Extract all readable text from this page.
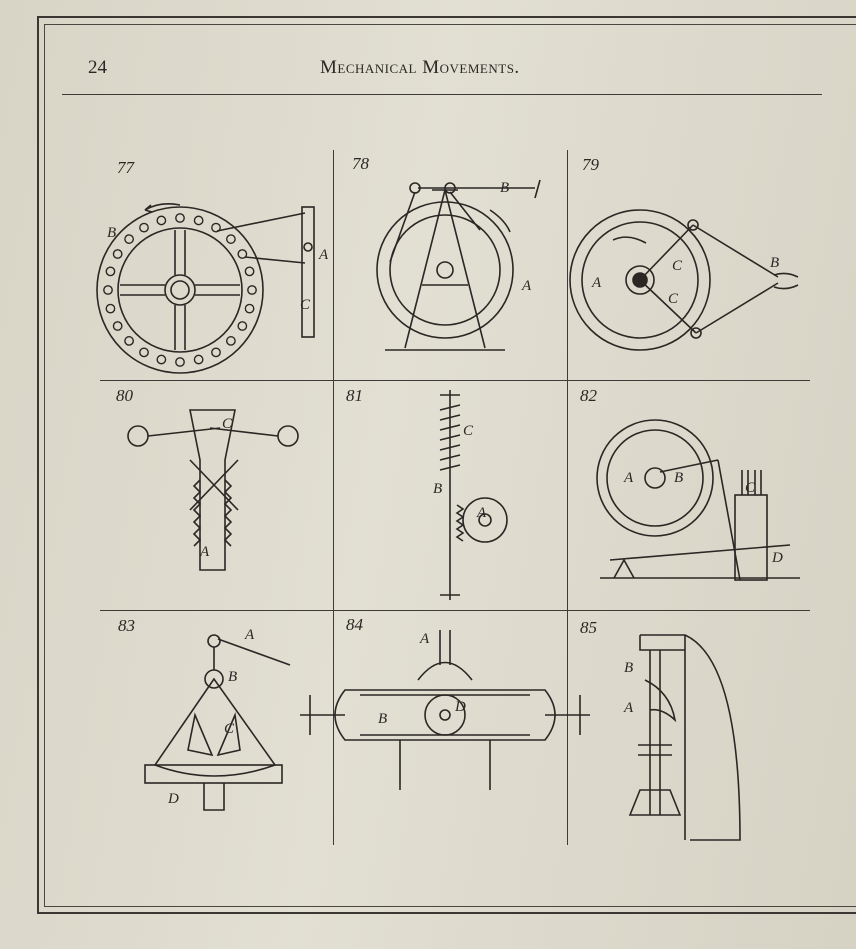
24	Mechanical Movements.
77	78	79
80	81	82
83	84	85
B
A
C
B
A	A
B
C
C
C
A
C
B
A
A	B
C
D
A
B
C
D
A
B
D
B
A
